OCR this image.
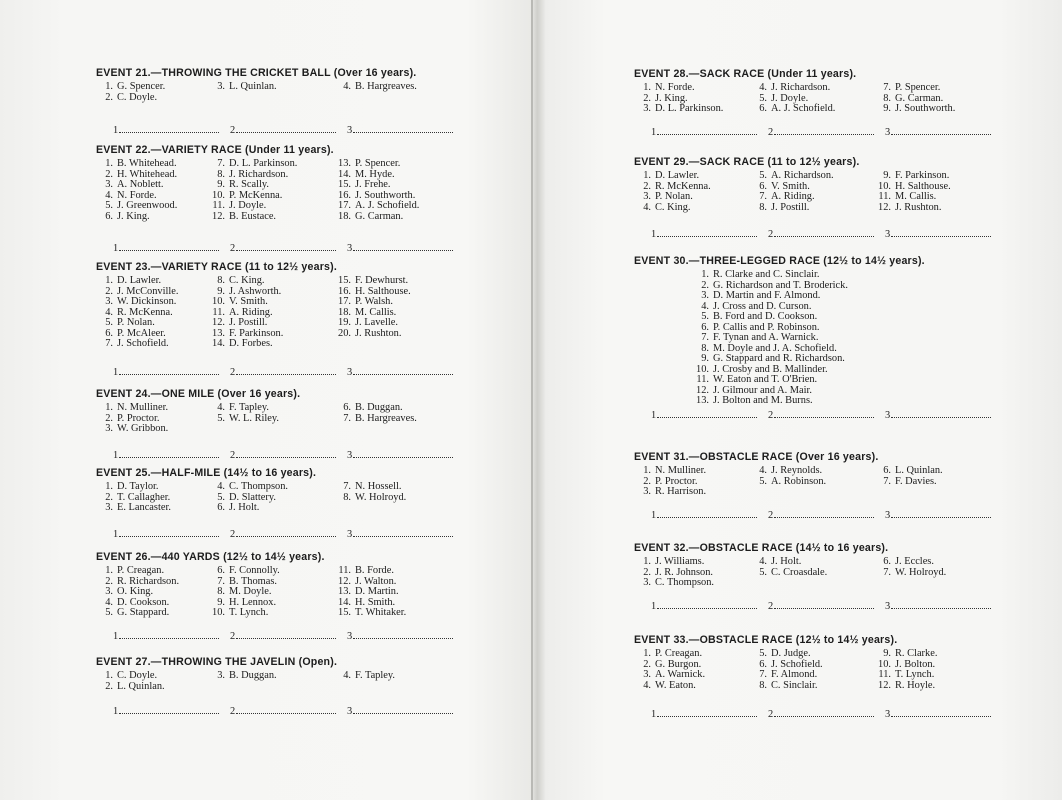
EVENT 21.—THROWING THE CRICKET BALL (Over 16 years).
1. G. Spencer.
2. C. Doyle.
3. L. Quinlan.	4. B. Hargreaves.
1	2	3
EVENT 22.—VARIETY RACE (Under 11 years).
1. B. Whitehead.
2. H. Whitehead.
3. A. Noblett.
4. N. Forde.
5. J. Greenwood.
6. J. King.
7. D. L. Parkinson.
8. J. Richardson.
9. R. Scally.
10. P. McKenna.
11. J. Doyle.
12. B. Eustace.
13. P. Spencer.
14. M. Hyde.
15. J. Frehe.
16. J. Southworth.
17. A. J. Schofield.
18. G. Carman.
1	2	3
EVENT 23.—VARIETY RACE (11 to 12½ years).
1. D. Lawler.
2. J. McConville.
3. W. Dickinson.
4. R. McKenna.
5. P. Nolan.
6. P. McAleer.
7. J. Schofield.
8. C. King.
9. J. Ashworth.
10. V. Smith.
11. A. Riding.
12. J. Postill.
13. F. Parkinson.
14. D. Forbes.
15. F. Dewhurst.
16. H. Salthouse.
17. P. Walsh.
18. M. Callis.
19. J. Lavelle.
20. J. Rushton.
1	2	3
EVENT 24.—ONE MILE (Over 16 years).
1. N. Mulliner.
2. P. Proctor.
3. W. Gribbon.
4. F. Tapley.
5. W. L. Riley.
6. B. Duggan.
7. B. Hargreaves.
1	2	3
EVENT 25.—HALF-MILE (14½ to 16 years).
1. D. Taylor.
2. T. Callagher.
3. E. Lancaster.
4. C. Thompson.
5. D. Slattery.
6. J. Holt.
7. N. Hossell.
8. W. Holroyd.
1	2	3
EVENT 26.—440 YARDS (12½ to 14½ years).
1. P. Creagan.
2. R. Richardson.
3. O. King.
4. D. Cookson.
5. G. Stappard.
6. F. Connolly.
7. B. Thomas.
8. M. Doyle.
9. H. Lennox.
10. T. Lynch.
11. B. Forde.
12. J. Walton.
13. D. Martin.
14. H. Smith.
15. T. Whitaker.
1	2	3
EVENT 27.—THROWING THE JAVELIN (Open).
1. C. Doyle.
2. L. Quinlan.
3. B. Duggan.	4. F. Tapley.
1	2	3
EVENT 28.—SACK RACE (Under 11 years).
1. N. Forde.
2. J. King.
3. D. L. Parkinson.
4. J. Richardson.
5. J. Doyle.
6. A. J. Schofield.
7. P. Spencer.
8. G. Carman.
9. J. Southworth.
1	2	3
EVENT 29.—SACK RACE (11 to 12½ years).
1. D. Lawler.
2. R. McKenna.
3. P. Nolan.
4. C. King.
5. A. Richardson.
6. V. Smith.
7. A. Riding.
8. J. Postill.
9. F. Parkinson.
10. H. Salthouse.
11. M. Callis.
12. J. Rushton.
1	2	3
EVENT 30.—THREE-LEGGED RACE (12½ to 14½ years).
1. R. Clarke and C. Sinclair.
2. G. Richardson and T. Broderick.
3. D. Martin and F. Almond.
4. J. Cross and D. Curson.
5. B. Ford and D. Cookson.
6. P. Callis and P. Robinson.
7. F. Tynan and A. Warnick.
8. M. Doyle and J. A. Schofield.
9. G. Stappard and R. Richardson.
10. J. Crosby and B. Mallinder.
11. W. Eaton and T. O'Brien.
12. J. Gilmour and A. Mair.
13. J. Bolton and M. Burns.
1	2	3
EVENT 31.—OBSTACLE RACE (Over 16 years).
1. N. Mulliner.
2. P. Proctor.
3. R. Harrison.
4. J. Reynolds.
5. A. Robinson.
6. L. Quinlan.
7. F. Davies.
1	2	3
EVENT 32.—OBSTACLE RACE (14½ to 16 years).
1. J. Williams.
2. J. R. Johnson.
3. C. Thompson.
4. J. Holt.
5. C. Croasdale.
6. J. Eccles.
7. W. Holroyd.
1	2	3
EVENT 33.—OBSTACLE RACE (12½ to 14½ years).
1. P. Creagan.
2. G. Burgon.
3. A. Warnick.
4. W. Eaton.
5. D. Judge.
6. J. Schofield.
7. F. Almond.
8. C. Sinclair.
9. R. Clarke.
10. J. Bolton.
11. T. Lynch.
12. R. Hoyle.
1	2	3
